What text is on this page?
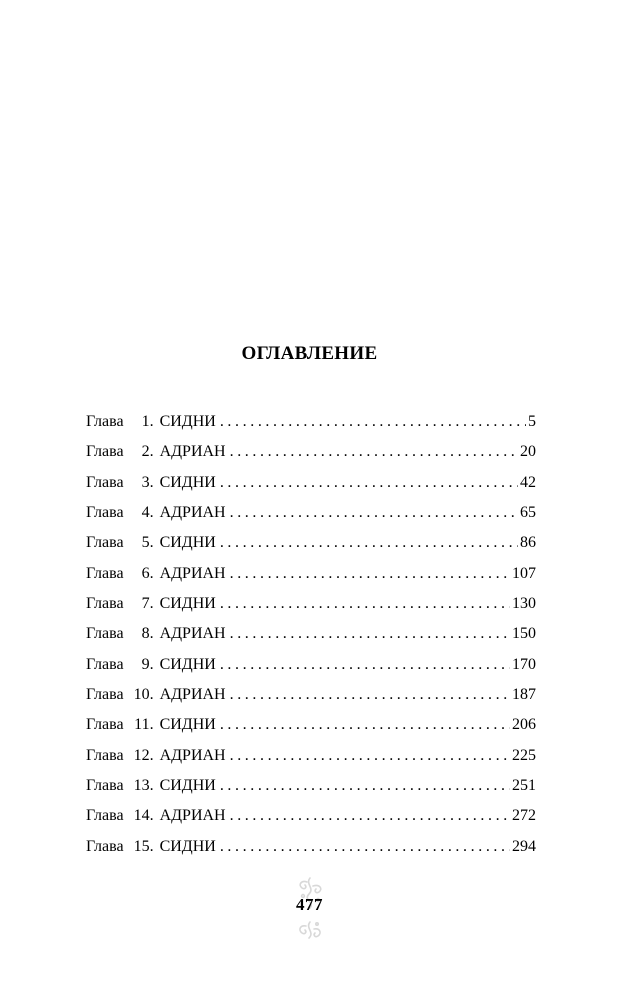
ОГЛАВЛЕНИЕ
Глава 1. СИДНИ . . .	5
Глава 2. АДРИАН . . .	20
Глава 3. СИДНИ . . .	42
Глава 4. АДРИАН . . .	65
Глава 5. СИДНИ . . .	86
Глава 6. АДРИАН . . .	107
Глава 7. СИДНИ . . .	130
Глава 8. АДРИАН . . .	150
Глава 9. СИДНИ . . .	170
Глава 10. АДРИАН . . .	187
Глава 11. СИДНИ . . .	206
Глава 12. АДРИАН . . .	225
Глава 13. СИДНИ . . .	251
Глава 14. АДРИАН . . .	272
Глава 15. СИДНИ . . .	294
477
